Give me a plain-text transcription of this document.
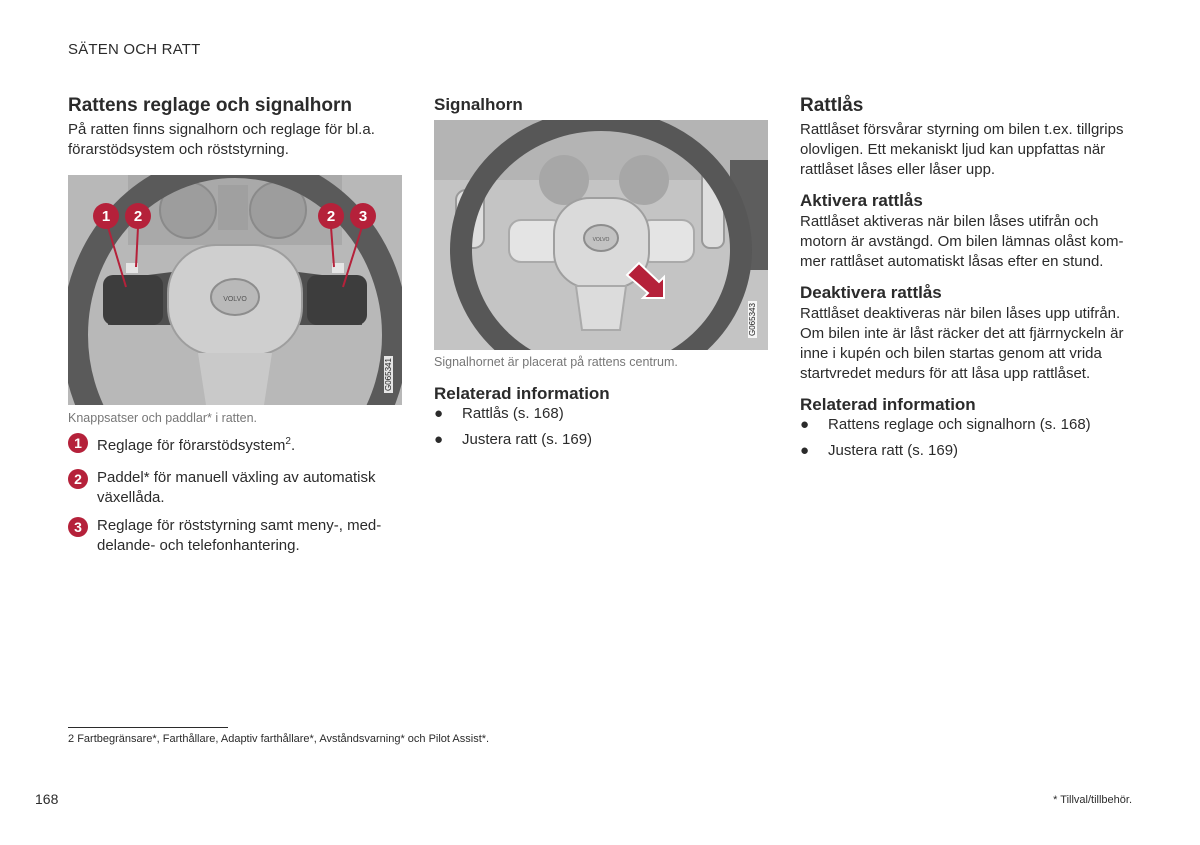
SÄTEN OCH RATT
Rattens reglage och signalhorn
På ratten finns signalhorn och reglage för bl.a. förarstödsystem och röststyrning.
VOLVO
1 2	2 3
G065341
Knappsatser och paddlar* i ratten.
1	Reglage för förarstödsystem$^2$.
2	Paddel* för manuell växling av automatisk växellåda.
3	Reglage för röststyrning samt meny-, meddelande- och telefonhantering.
Signalhorn
VOLVO
G065343
Signalhornet är placerat på rattens centrum.
Relaterad information
●	Rattlås (s. 168)
●	Justera ratt (s. 169)
Rattlås
Rattlåset försvårar styrning om bilen t.ex. tillgrips olovligen. Ett mekaniskt ljud kan uppfattas när rattlåset låses eller låser upp.
Aktivera rattlås
Rattlåset aktiveras när bilen låses utifrån och motorn är avstängd. Om bilen lämnas olåst kommer rattlåset automatiskt låsas efter en stund.
Deaktivera rattlås
Rattlåset deaktiveras när bilen låses upp utifrån. Om bilen inte är låst räcker det att fjärrnyckeln är inne i kupén och bilen startas genom att vrida startvredet medurs för att låsa upp rattlåset.
Relaterad information
●	Rattens reglage och signalhorn (s. 168)
●	Justera ratt (s. 169)
2 Fartbegränsare*, Farthållare, Adaptiv farthållare*, Avståndsvarning* och Pilot Assist*.
168	* Tillval/tillbehör.
